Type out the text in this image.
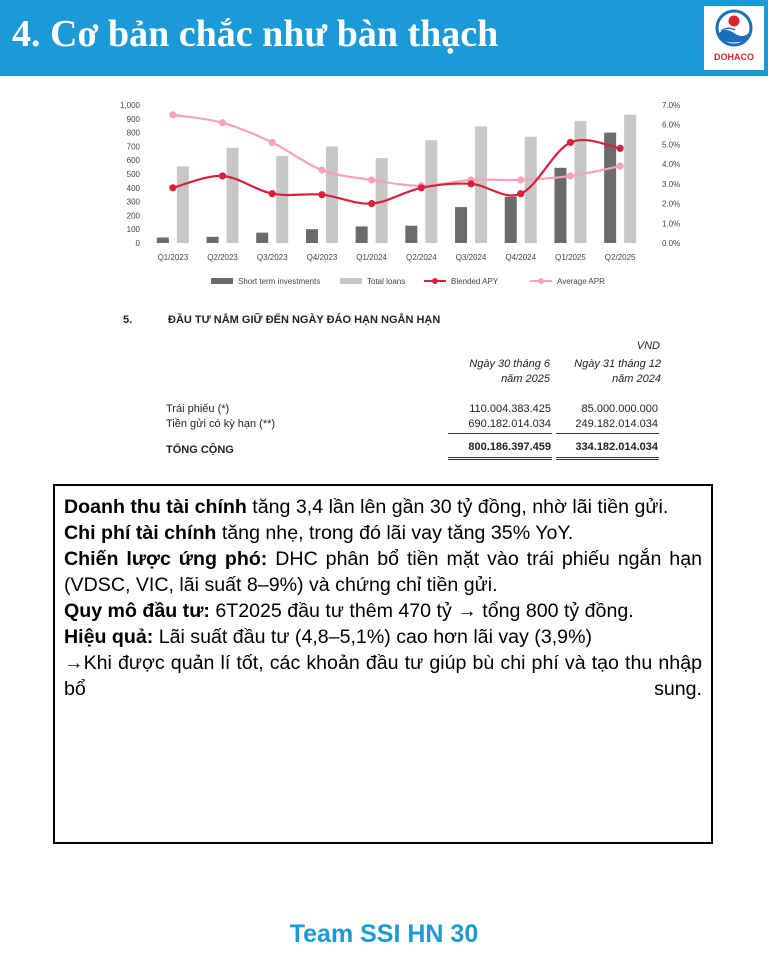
4. Cơ bản chắc như bàn thạch
DOHACO
1,000
900
800
700
600
500
400
300
200
100
0
7.0%
6.0%
5.0%
4.0%
3.0%
2.0%
1.0%
0.0%
Q1/2023 Q2/2023 Q3/2023 Q4/2023 Q1/2024 Q2/2024 Q3/2024 Q4/2024 Q1/2025 Q2/2025
Short term investments	Total loans	Blended APY	Average APR
5.	ĐẦU TƯ NẮM GIỮ ĐẾN NGÀY ĐÁO HẠN NGẮN HẠN
VND
Ngày 30 tháng 6
năm 2025
Ngày 31 tháng 12
năm 2024
Trái phiếu (*)	110.004.383.425	85.000.000.000
Tiền gửi có kỳ hạn (**)	690.182.014.034	249.182.014.034
TỔNG CỘNG	800.186.397.459	334.182.014.034

Doanh thu tài chính tăng 3,4 lần lên gần 30 tỷ đồng, nhờ lãi tiền gửi.

Chi phí tài chính tăng nhẹ, trong đó lãi vay tăng 35% YoY.

Chiến lược ứng phó: DHC phân bổ tiền mặt vào trái phiếu ngắn hạn (VDSC, VIC, lãi suất 8–9%) và chứng chỉ tiền gửi.

Quy mô đầu tư: 6T2025 đầu tư thêm 470 tỷ → tổng 800 tỷ đồng.

Hiệu quả: Lãi suất đầu tư (4,8–5,1%) cao hơn lãi vay (3,9%)

→Khi được quản lí tốt, các khoản đầu tư giúp bù chi phí và tạo thu nhập bổ sung.

Team SSI HN 30
